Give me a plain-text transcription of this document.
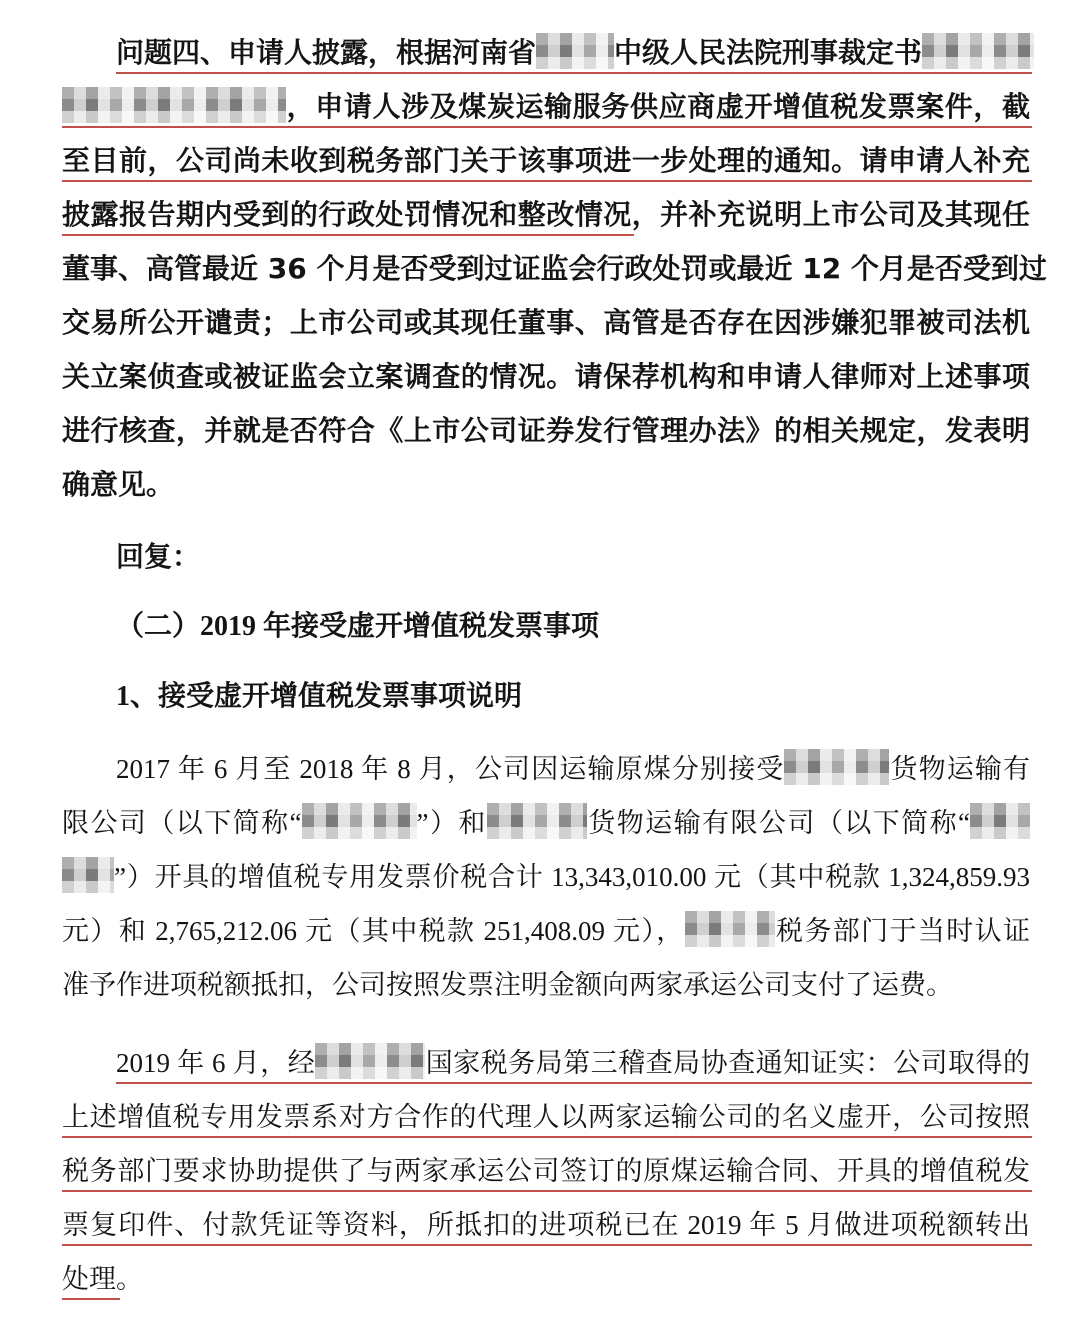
问题四、申请人披露，根据河南省	中级人民法院刑事裁定书
，申请人涉及煤炭运输服务供应商虚开增值税发票案件，截
至目前，公司尚未收到税务部门关于该事项进一步处理的通知。请申请人补充
披露报告期内受到的行政处罚情况和整改情况，并补充说明上市公司及其现任
董事、高管最近 36 个月是否受到过证监会行政处罚或最近 12 个月是否受到过
交易所公开谴责；上市公司或其现任董事、高管是否存在因涉嫌犯罪被司法机
关立案侦查或被证监会立案调查的情况。请保荐机构和申请人律师对上述事项
进行核查，并就是否符合《上市公司证券发行管理办法》的相关规定，发表明
确意见。
回复：
（二）2019 年接受虚开增值税发票事项
1、接受虚开增值税发票事项说明
2017 年 6 月至 2018 年 8 月，公司因运输原煤分别接受	货物运输有
限公司（以下简称“	”）和	货物运输有限公司（以下简称“
”）开具的增值税专用发票价税合计 13,343,010.00 元（其中税款 1,324,859.93
元）和 2,765,212.06 元（其中税款 251,408.09 元），	税务部门于当时认证
准予作进项税额抵扣，公司按照发票注明金额向两家承运公司支付了运费。
2019 年 6 月，经	国家税务局第三稽查局协查通知证实：公司取得的
上述增值税专用发票系对方合作的代理人以两家运输公司的名义虚开，公司按照
税务部门要求协助提供了与两家承运公司签订的原煤运输合同、开具的增值税发
票复印件、付款凭证等资料，所抵扣的进项税已在 2019 年 5 月做进项税额转出
处理。
